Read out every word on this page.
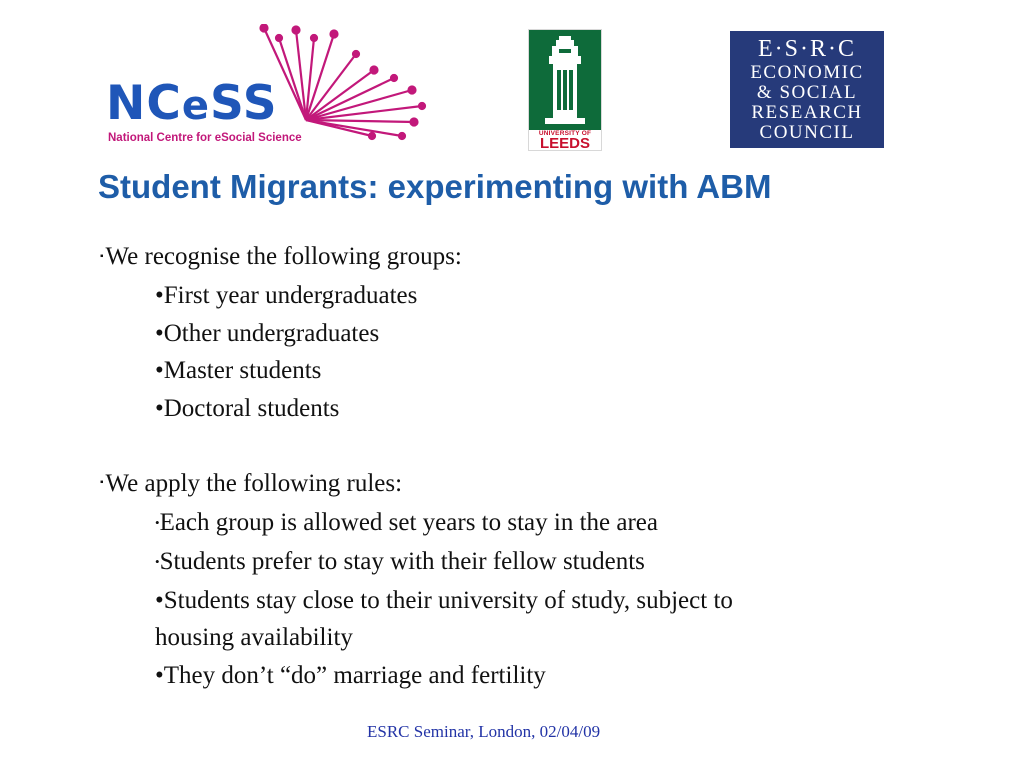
NCeSS
National Centre for eSocial Science	UNIVERSITY OF
LEEDS
E·S·R·C
ECONOMIC
& SOCIAL
RESEARCH
COUNCIL
Student Migrants: experimenting with ABM
▪We recognise the following groups:
•First year undergraduates
•Other undergraduates
•Master students
•Doctoral students
▪We apply the following rules:
•Each group is allowed set years to stay in the area
•Students prefer to stay with their fellow students
•Students stay close to their university of study, subject to
housing availability
•They don’t “do” marriage and fertility
ESRC Seminar, London, 02/04/09
